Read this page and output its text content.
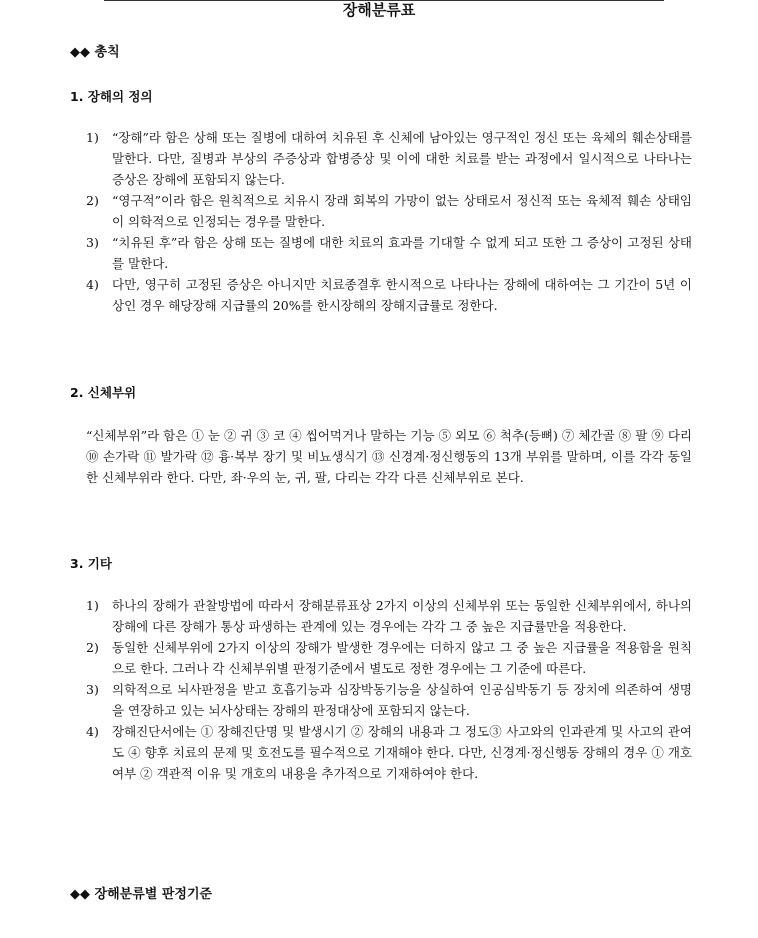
장해분류표

◆◆ 총칙

1. 장해의 정의
1) “장해”라 함은 상해 또는 질병에 대하여 치유된 후 신체에 남아있는 영구적인 정신 또는 육체의 훼손상태를 말한다. 다만, 질병과 부상의 주증상과 합병증상 및 이에 대한 치료를 받는 과정에서 일시적으로 나타나는 증상은 장해에 포함되지 않는다.
2) “영구적”이라 함은 원칙적으로 치유시 장래 회복의 가망이 없는 상태로서 정신적 또는 육체적 훼손 상태임이 의학적으로 인정되는 경우를 말한다.
3) “치유된 후”라 함은 상해 또는 질병에 대한 치료의 효과를 기대할 수 없게 되고 또한 그 증상이 고정된 상태를 말한다.
4) 다만, 영구히 고정된 증상은 아니지만 치료종결후 한시적으로 나타나는 장해에 대하여는 그 기간이 5년 이상인 경우 해당장해 지급률의 20%를 한시장해의 장해지급률로 정한다.
2. 신체부위

“신체부위”라 함은 ① 눈 ② 귀 ③ 코 ④ 씹어먹거나 말하는 기능 ⑤ 외모 ⑥ 척추(등뼈) ⑦ 체간골 ⑧ 팔 ⑨ 다리 ⑩ 손가락 ⑪ 발가락 ⑫ 흉·복부 장기 및 비뇨생식기 ⑬ 신경계·정신행동의 13개 부위를 말하며, 이를 각각 동일한 신체부위라 한다. 다만, 좌·우의 눈, 귀, 팔, 다리는 각각 다른 신체부위로 본다.

3. 기타
1) 하나의 장해가 관찰방법에 따라서 장해분류표상 2가지 이상의 신체부위 또는 동일한 신체부위에서, 하나의 장해에 다른 장해가 통상 파생하는 관계에 있는 경우에는 각각 그 중 높은 지급률만을 적용한다.
2) 동일한 신체부위에 2가지 이상의 장해가 발생한 경우에는 더하지 않고 그 중 높은 지급률을 적용함을 원칙으로 한다. 그러나 각 신체부위별 판정기준에서 별도로 정한 경우에는 그 기준에 따른다.
3) 의학적으로 뇌사판정을 받고 호흡기능과 심장박동기능을 상실하여 인공심박동기 등 장치에 의존하여 생명을 연장하고 있는 뇌사상태는 장해의 판정대상에 포함되지 않는다.
4) 장해진단서에는 ① 장해진단명 및 발생시기 ② 장해의 내용과 그 정도③ 사고와의 인과관계 및 사고의 관여도 ④ 향후 치료의 문제 및 호전도를 필수적으로 기재해야 한다. 다만, 신경계·정신행동 장해의 경우 ① 개호여부 ② 객관적 이유 및 개호의 내용을 추가적으로 기재하여야 한다.

◆◆ 장해분류별 판정기준
